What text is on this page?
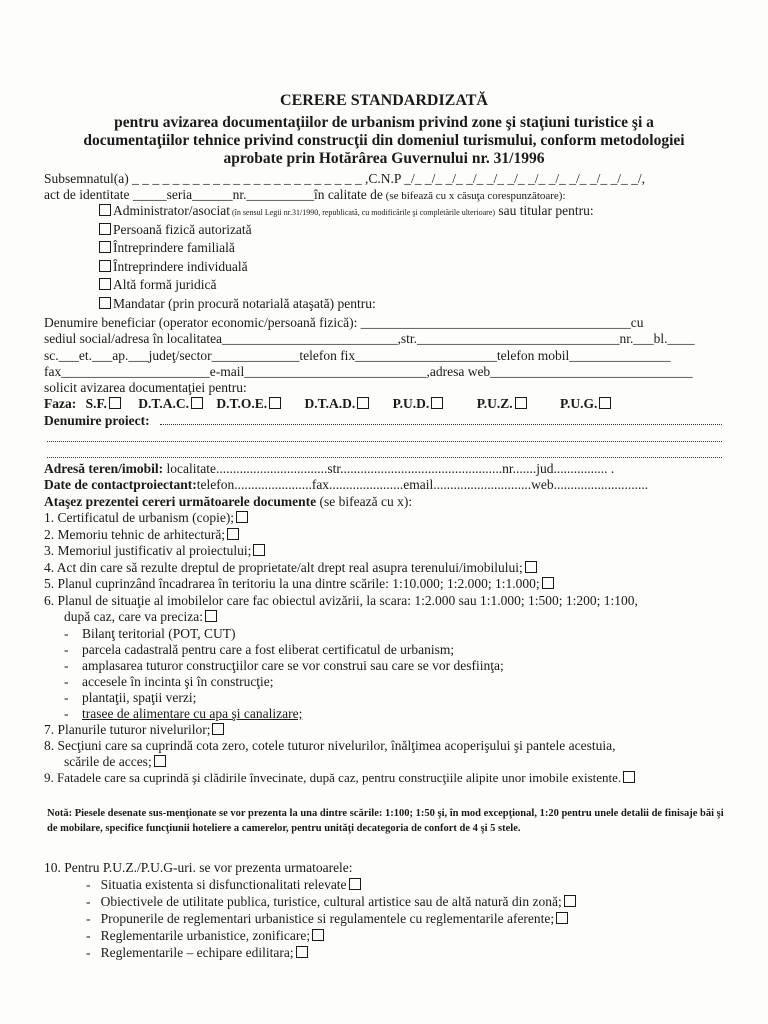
CERERE STANDARDIZATĂ
pentru avizarea documentaţiilor de urbanism privind zone şi staţiuni turistice şi a
documentaţiilor tehnice privind construcţii din domeniul turismului, conform metodologiei
aprobate prin Hotărârea Guvernului nr. 31/1996
Subsemnatul(a) _ _ _ _ _ _ _ _ _ _ _ _ _ _ _ _ _ _ _ _ _ _ _ ,C.N.P _/_ _/_ _/_ _/_ _/_ _/_ _/_ _/_ _/_ _/_ _/_ _/,
act de identitate _____seria______nr.__________în calitate de (se bifează cu x căsuţa corespunzătoare):
Administrator/asociat (în sensul Legii nr.31/1990, republicată, cu modificările şi completările ulterioare) sau titular pentru:
Persoană fizică autorizată
Întreprindere familială
Întreprindere individuală
Altă formă juridică
Mandatar (prin procură notarială ataşată) pentru:
Denumire beneficiar (operator economic/persoană fizică): ________________________________________cu
sediul social/adresa în localitatea__________________________,str.______________________________nr.___bl.____
sc.___et.___ap.___judeţ/sector_____________telefon fix_____________________telefon mobil_______________
fax______________________e-mail___________________________,adresa web______________________________
solicit avizarea documentaţiei pentru:
Faza: S.F. D.T.A.C. D.T.O.E.	D.T.A.D.	P.U.D.	P.U.Z.	P.U.G.
Denumire proiect:
Adresă teren/imobil: localitate.................................str................................................nr.......jud................ .
Date de contactproiectant:telefon.......................fax......................email.............................web............................
Ataşez prezentei cereri următoarele documente (se bifează cu x):
1. Certificatul de urbanism (copie);
2. Memoriu tehnic de arhitectură;
3. Memoriul justificativ al proiectului;
4. Act din care să rezulte dreptul de proprietate/alt drept real asupra terenului/imobilului;
5. Planul cuprinzând încadrarea în teritoriu la una dintre scările: 1:10.000; 1:2.000; 1:1.000;
6. Planul de situaţie al imobilelor care fac obiectul avizării, la scara: 1:2.000 sau 1:1.000; 1:500; 1:200; 1:100,
după caz, care va preciza:
-    Bilanţ teritorial (POT, CUT)
-    parcela cadastrală pentru care a fost eliberat certificatul de urbanism;
-    amplasarea tuturor construcţiilor care se vor construi sau care se vor desfiinţa;
-    accesele în incinta şi în construcţie;
-    plantaţii, spaţii verzi;
-    trasee de alimentare cu apa şi canalizare;
7. Planurile tuturor nivelurilor;
8. Secţiuni care sa cuprindă cota zero, cotele tuturor nivelurilor, înălţimea acoperişului şi pantele acestuia,
scările de acces;
9. Fatadele care sa cuprindă şi clădirile învecinate, după caz, pentru construcţiile alipite unor imobile existente.
Notă: Piesele desenate sus-menţionate se vor prezenta la una dintre scările: 1:100; 1:50 şi, în mod excepţional, 1:20 pentru unele detalii de finisaje băi şi de mobilare, specifice funcţiunii hoteliere a camerelor, pentru unităţi decategoria de confort de 4 şi 5 stele.
10. Pentru P.U.Z./P.U.G-uri. se vor prezenta urmatoarele:
-   Situatia existenta si disfunctionalitati relevate
-   Obiectivele de utilitate publica, turistice, cultural artistice sau de altă natură din zonă;
-   Propunerile de reglementari urbanistice si regulamentele cu reglementarile aferente;
-   Reglementarile urbanistice, zonificare;
-   Reglementarile – echipare edilitara;
